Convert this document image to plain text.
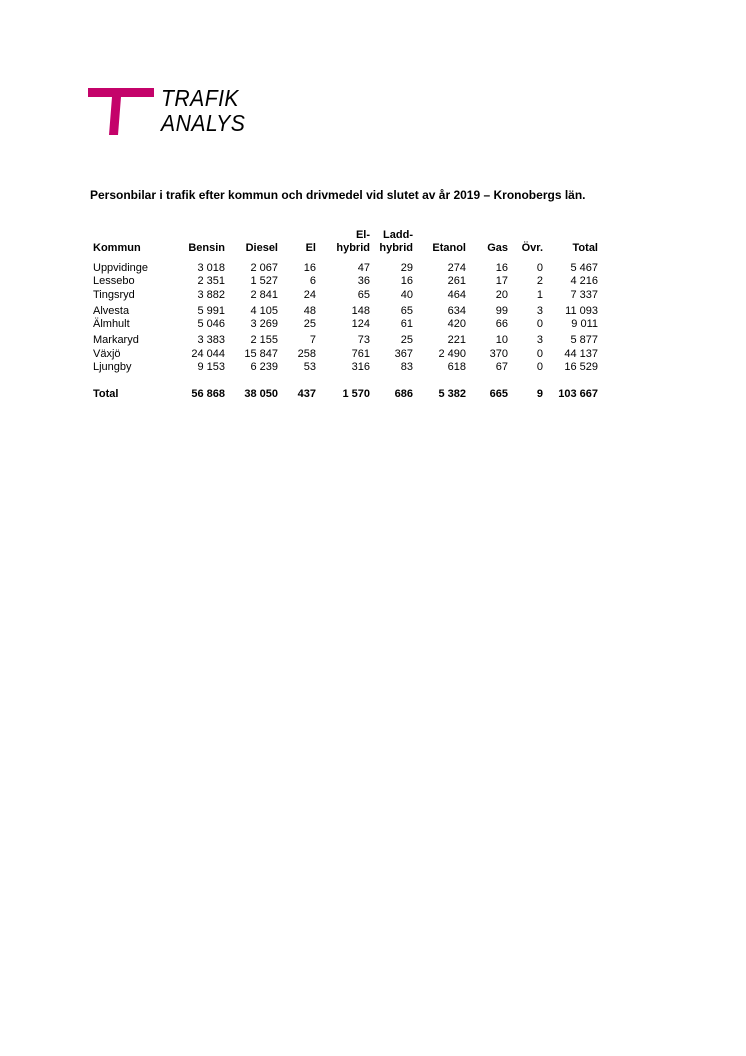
TRAFIK
ANALYS
Personbilar i trafik efter kommun och drivmedel vid slutet av år 2019 – Kronobergs län.
Kommun	Bensin	Diesel	El	El-
hybrid	Ladd-
hybrid	Etanol	Gas	Övr.	Total
Uppvidinge	3 018	2 067	16	47	29	274	16	0	5 467
Lessebo	2 351	1 527	6	36	16	261	17	2	4 216
Tingsryd	3 882	2 841	24	65	40	464	20	1	7 337
Alvesta	5 991	4 105	48	148	65	634	99	3	11 093
Älmhult	5 046	3 269	25	124	61	420	66	0	9 011
Markaryd	3 383	2 155	7	73	25	221	10	3	5 877
Växjö	24 044	15 847	258	761	367	2 490	370	0	44 137
Ljungby	9 153	6 239	53	316	83	618	67	0	16 529
Total	56 868	38 050	437	1 570	686	5 382	665	9	103 667
